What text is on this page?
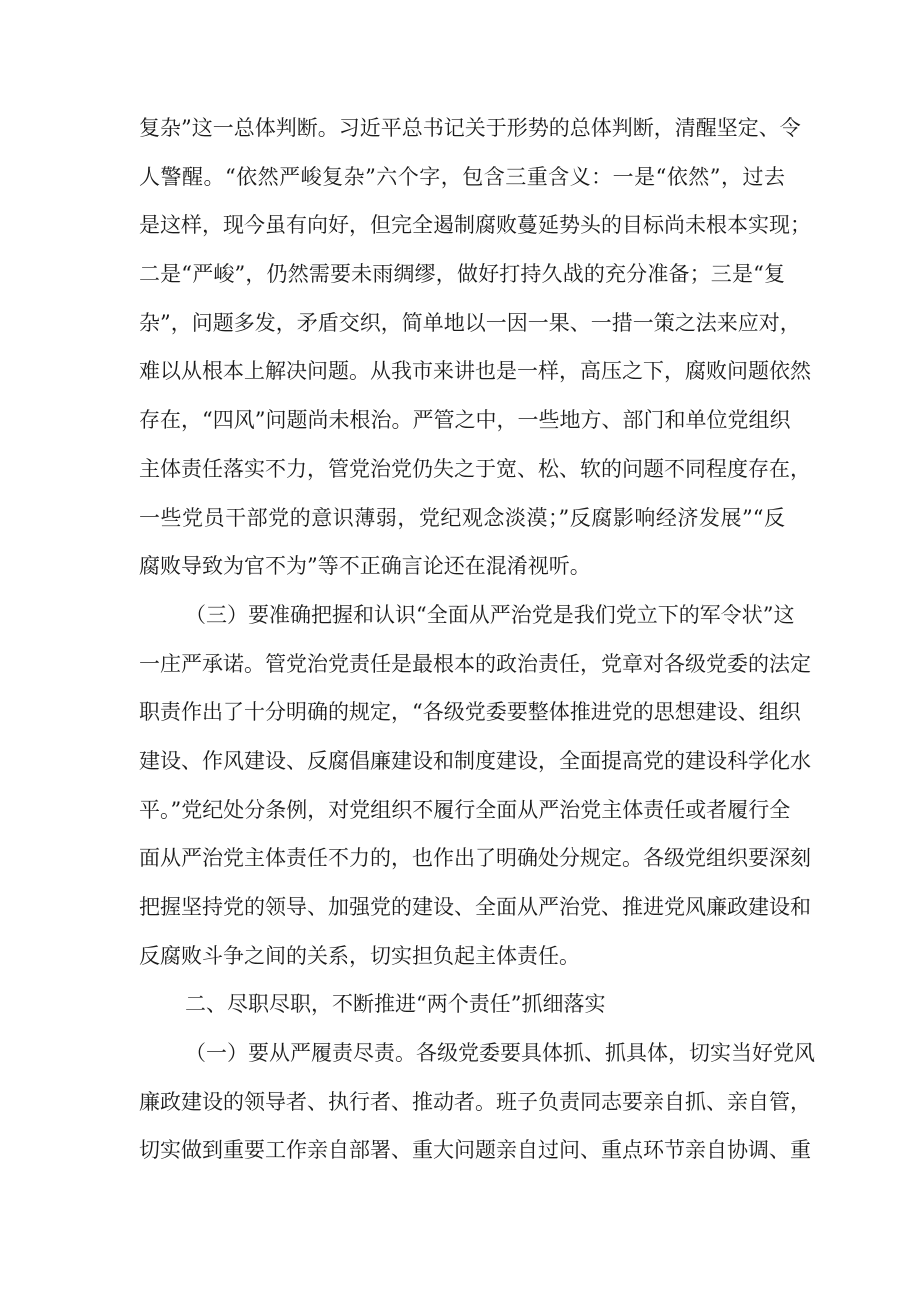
复杂”这一总体判断。习近平总书记关于形势的总体判断，清醒坚定、令
人警醒。“依然严峻复杂”六个字，包含三重含义：一是“依然”，过去
是这样，现今虽有向好，但完全遏制腐败蔓延势头的目标尚未根本实现；
二是“严峻”，仍然需要未雨绸缪，做好打持久战的充分准备；三是“复
杂”，问题多发，矛盾交织，简单地以一因一果、一措一策之法来应对，
难以从根本上解决问题。从我市来讲也是一样，高压之下，腐败问题依然
存在，“四风”问题尚未根治。严管之中，一些地方、部门和单位党组织
主体责任落实不力，管党治党仍失之于宽、松、软的问题不同程度存在，
一些党员干部党的意识薄弱，党纪观念淡漠；”反腐影响经济发展”“反
腐败导致为官不为”等不正确言论还在混淆视听。
（三）要准确把握和认识“全面从严治党是我们党立下的军令状”这
一庄严承诺。管党治党责任是最根本的政治责任，党章对各级党委的法定
职责作出了十分明确的规定，“各级党委要整体推进党的思想建设、组织
建设、作风建设、反腐倡廉建设和制度建设，全面提高党的建设科学化水
平。”党纪处分条例，对党组织不履行全面从严治党主体责任或者履行全
面从严治党主体责任不力的，也作出了明确处分规定。各级党组织要深刻
把握坚持党的领导、加强党的建设、全面从严治党、推进党风廉政建设和
反腐败斗争之间的关系，切实担负起主体责任。
二、尽职尽职，不断推进“两个责任”抓细落实
（一）要从严履责尽责。各级党委要具体抓、抓具体，切实当好党风
廉政建设的领导者、执行者、推动者。班子负责同志要亲自抓、亲自管，
切实做到重要工作亲自部署、重大问题亲自过问、重点环节亲自协调、重
